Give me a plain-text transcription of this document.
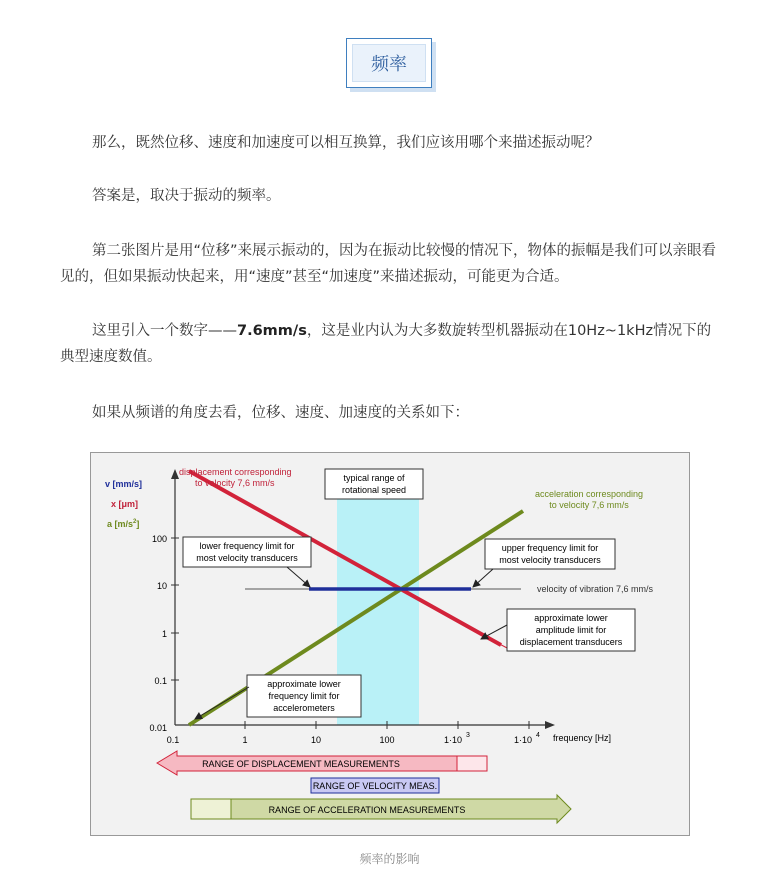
频率
那么，既然位移、速度和加速度可以相互换算，我们应该用哪个来描述振动呢？
答案是，取决于振动的频率。
第二张图片是用“位移”来展示振动的，因为在振动比较慢的情况下，物体的振幅是我们可以亲眼看见的，但如果振动快起来，用“速度”甚至“加速度”来描述振动，可能更为合适。
这里引入一个数字——7.6mm/s，这是业内认为大多数旋转型机器振动在10Hz~1kHz情况下的典型速度数值。
如果从频谱的角度去看，位移、速度、加速度的关系如下：
100
10
1
0.1
0.01
0.1	1	10	100	1·10 3	1·10 4 frequency [Hz]
v [mm/s]
x [μm]
a $[m/s^2]$
displacement corresponding
to velocity 7,6 mm/s	typical range of
rotational speed	acceleration corresponding
to velocity 7,6 mm/s
lower frequency limit for
most velocity transducers
upper frequency limit for
most velocity transducers
velocity of vibration 7,6 mm/s
approximate lower
amplitude limit for
displacement transducers
approximate lower
frequency limit for
accelerometers
RANGE OF DISPLACEMENT MEASUREMENTS
RANGE OF VELOCITY MEAS.
RANGE OF ACCELERATION MEASUREMENTS
频率的影响
